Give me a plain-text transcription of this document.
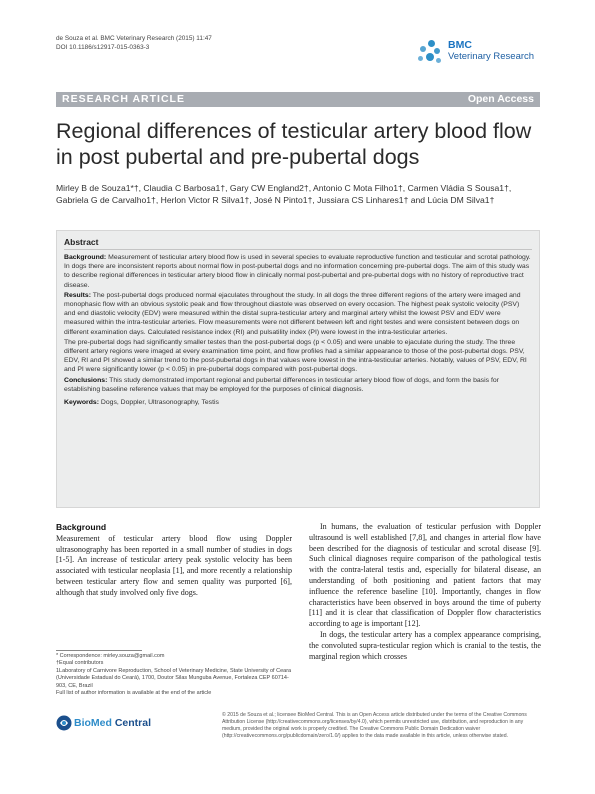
de Souza et al. BMC Veterinary Research (2015) 11:47
DOI 10.1186/s12917-015-0363-3	BMC
Veterinary Research
RESEARCH ARTICLE	Open Access
Regional differences of testicular artery blood flow in post pubertal and pre-pubertal dogs
Mirley B de Souza1*†, Claudia C Barbosa1†, Gary CW England2†, Antonio C Mota Filho1†, Carmen Vládia S Sousa1†, Gabriela G de Carvalho1†, Herlon Victor R Silva1†, José N Pinto1†, Jussiara CS Linhares1† and Lúcia DM Silva1†
Abstract

Background: Measurement of testicular artery blood flow is used in several species to evaluate reproductive function and testicular and scrotal pathology. In dogs there are inconsistent reports about normal flow in post-pubertal dogs and no information concerning pre-pubertal dogs. The aim of this study was to describe regional differences in testicular artery blood flow in clinically normal post-pubertal and pre-pubertal dogs with no history of reproductive tract disease.

Results: The post-pubertal dogs produced normal ejaculates throughout the study. In all dogs the three different regions of the artery were imaged and monophasic flow with an obvious systolic peak and flow throughout diastole was observed on every occasion. The highest peak systolic velocity (PSV) and end diastolic velocity (EDV) were measured within the distal supra-testicular artery and marginal artery whilst the lowest PSV and EDV were measured within the intra-testicular arteries. Flow measurements were not different between left and right testes and were consistent between dogs on different examination days. Calculated resistance index (RI) and pulsatility index (PI) were lowest in the intra-testicular arteries.

The pre-pubertal dogs had significantly smaller testes than the post-pubertal dogs (p < 0.05) and were unable to ejaculate during the study. The three different artery regions were imaged at every examination time point, and flow profiles had a similar appearance to those of the post-pubertal dogs. PSV, EDV, RI and PI showed a similar trend to the post-pubertal dogs in that values were lowest in the intra-testicular arteries. Notably, values of PSV, EDV, RI and PI were significantly lower (p < 0.05) in pre-pubertal dogs compared with post-pubertal dogs.

Conclusions: This study demonstrated important regional and pubertal differences in testicular artery blood flow of dogs, and form the basis for establishing baseline reference values that may be employed for the purposes of clinical diagnosis.

Keywords: Dogs, Doppler, Ultrasonography, Testis

Background

Measurement of testicular artery blood flow using Doppler ultrasonography has been reported in a small number of studies in dogs [1-5]. An increase of testicular artery peak systolic velocity has been associated with testicular neoplasia [1], and more recently a relationship between testicular artery flow and semen quality was purported [6], although that study involved only five dogs.

In humans, the evaluation of testicular perfusion with Doppler ultrasound is well established [7,8], and changes in arterial flow have been described for the diagnosis of testicular and scrotal disease [9]. Such clinical diagnoses require comparison of the pathological testis with the contra-lateral testis and, especially for bilateral disease, an understanding of both positioning and patient factors that may influence the reference baseline [10]. Importantly, changes in flow characteristics have been observed in boys around the time of puberty [11] and it is clear that classification of Doppler flow characteristics according to age is important [12].

In dogs, the testicular artery has a complex appearance comprising, the convoluted supra-testicular region which is cranial to the testis, the marginal region which crosses

* Correspondence: mirley.souza@gmail.com

†Equal contributors

1Laboratory of Carnivore Reproduction, School of Veterinary Medicine, State University of Ceara (Universidade Estadual do Ceará), 1700, Doutor Silas Munguba Avenue, Fortaleza CEP 60714-903, CE, Brazil

Full list of author information is available at the end of the article

BioMed Central

© 2015 de Souza et al.; licensee BioMed Central. This is an Open Access article distributed under the terms of the Creative Commons Attribution License (http://creativecommons.org/licenses/by/4.0), which permits unrestricted use, distribution, and reproduction in any medium, provided the original work is properly credited. The Creative Commons Public Domain Dedication waiver (http://creativecommons.org/publicdomain/zero/1.0/) applies to the data made available in this article, unless otherwise stated.
